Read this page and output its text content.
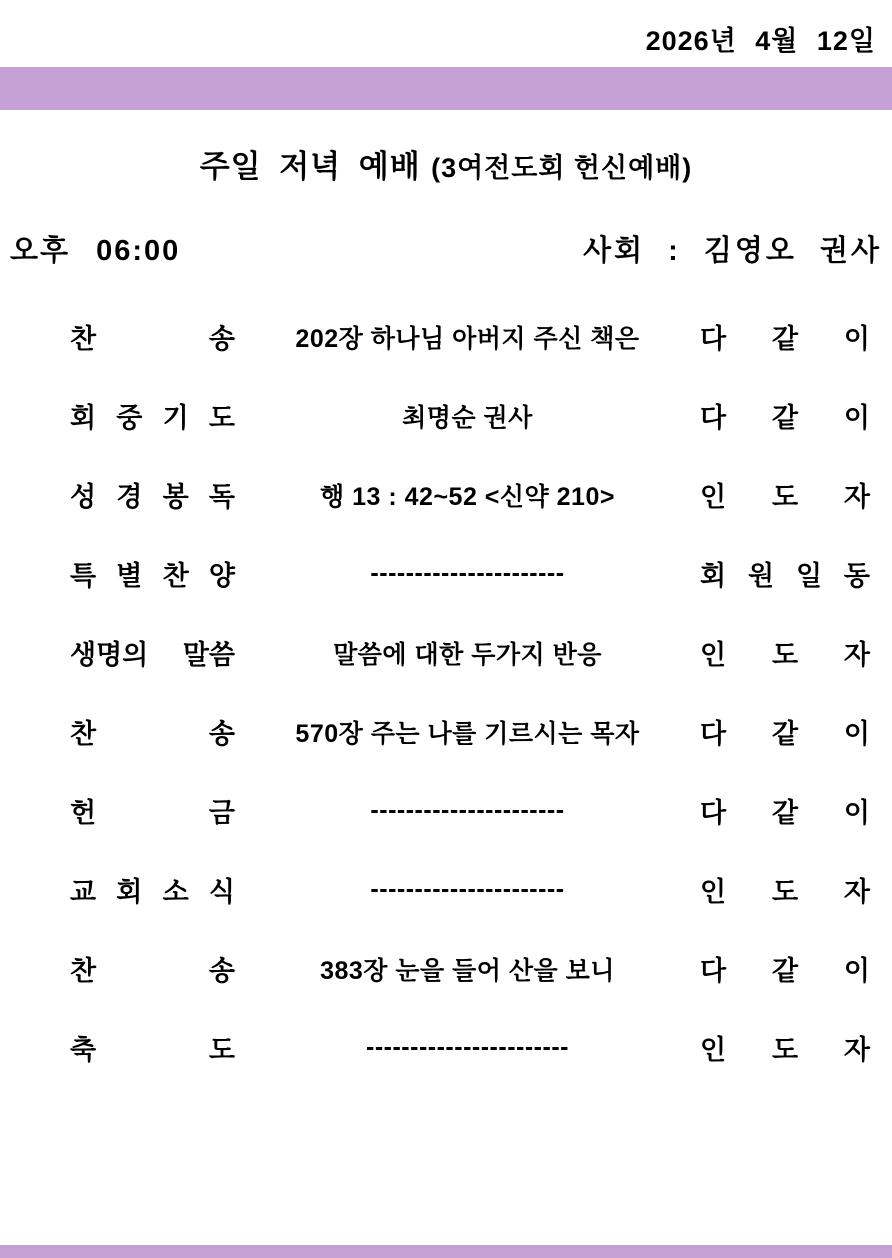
2026년 4월 12일
주일 저녁 예배 (3여전도회 헌신예배)
오후 06:00	사회 : 김영오 권사
찬 송	202장 하나님 아버지 주신 책은	다 같 이
회 중 기 도	최명순 권사	다 같 이
성 경 봉 독	행 13 : 42~52 <신약 210>	인 도 자
특 별 찬 양	----------------------	회 원 일 동
생명의 말씀	말씀에 대한 두가지 반응	인 도 자
찬 송	570장 주는 나를 기르시는 목자	다 같 이
헌 금	----------------------	다 같 이
교 회 소 식	----------------------	인 도 자
찬 송	383장 눈을 들어 산을 보니	다 같 이
축 도	-----------------------	인 도 자
